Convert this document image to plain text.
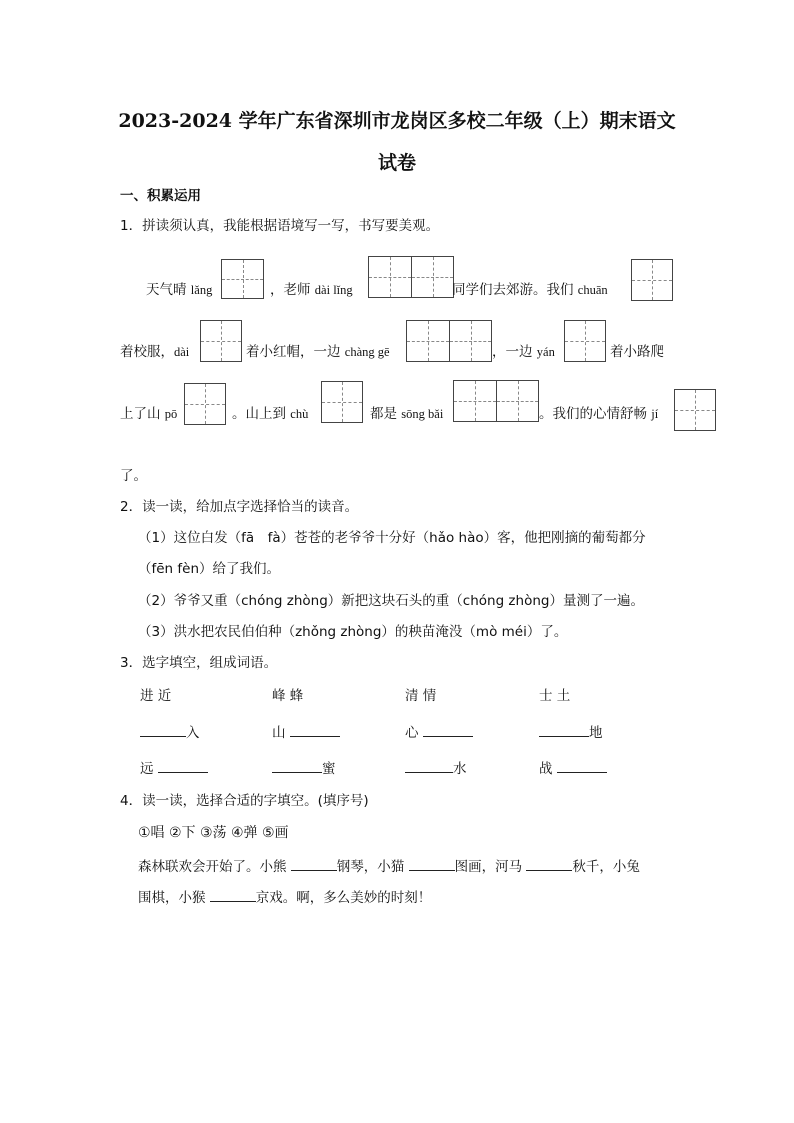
2023-2024 学年广东省深圳市龙岗区多校二年级（上）期末语文
试卷
一、积累运用
1．拼读须认真，我能根据语境写一写，书写要美观。
天气晴 lǎng	，老师 dài lǐng	同学们去郊游。我们 chuān
着校服，dài	着小红帽，一边 chàng gē	，一边 yán	着小路爬
上了山 pō	。山上到 chù	都是 sōng bǎi	。我们的心情舒畅 jí
了。
2．读一读，给加点字选择恰当的读音。
（1）这位白发（fā　fà）苍苍的老爷爷十分好（hǎo hào）客，他把刚摘的葡萄都分
（fēn fèn）给了我们。
（2）爷爷又重（chóng zhòng）新把这块石头的重（chóng zhòng）量测了一遍。
（3）洪水把农民伯伯种（zhǒng zhòng）的秧苗淹没（mò méi）了。
3．选字填空，组成词语。
进 近	峰 蜂	清 情	士 土
入	山	心	地
远	蜜	水	战
4．读一读，选择合适的字填空。(填序号)
①唱 ②下 ③荡 ④弹 ⑤画
森林联欢会开始了。小熊	钢琴，小猫	图画，河马	秋千，小兔
围棋，小猴	京戏。啊，多么美妙的时刻！
